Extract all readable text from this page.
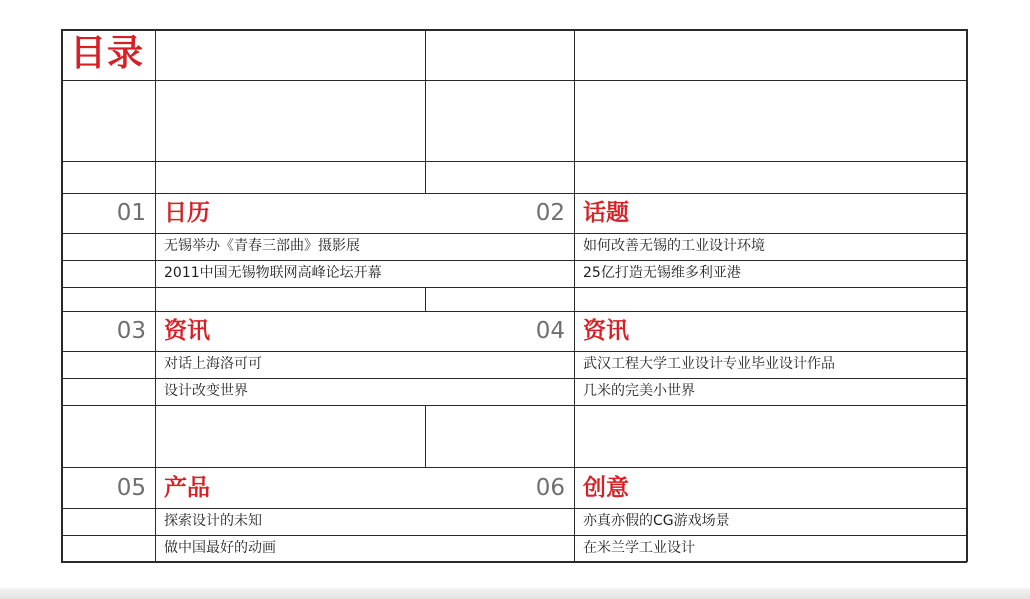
目录
01 日历
无锡举办《青春三部曲》摄影展
2011中国无锡物联网高峰论坛开幕
02 话题
如何改善无锡的工业设计环境
25亿打造无锡维多利亚港
03 资讯
对话上海洛可可
设计改变世界
04 资讯
武汉工程大学工业设计专业毕业设计作品
几米的完美小世界
05 产品
探索设计的未知
做中国最好的动画
06 创意
亦真亦假的CG游戏场景
在米兰学工业设计
